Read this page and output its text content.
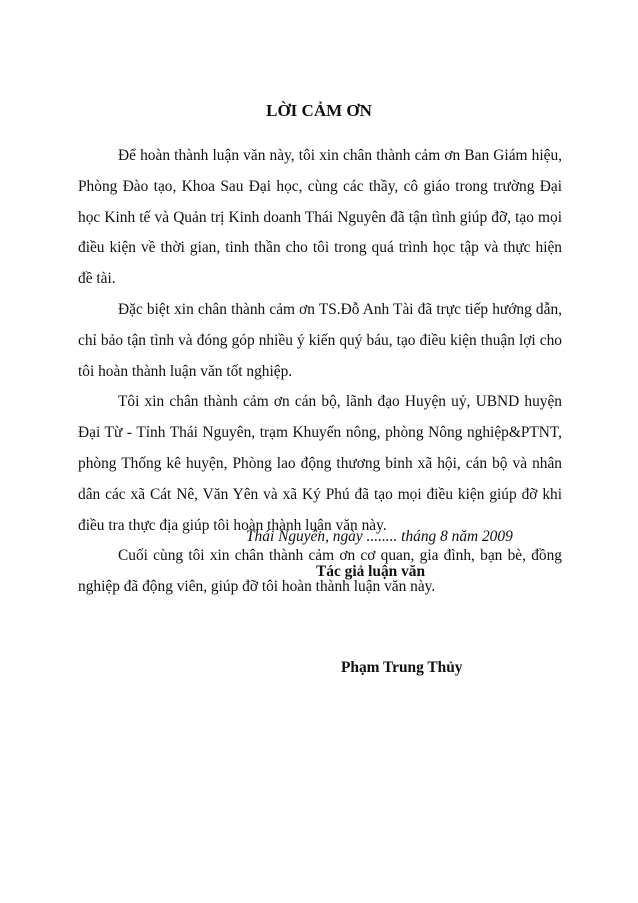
LỜI CẢM ƠN

Để hoàn thành luận văn này, tôi xin chân thành cảm ơn Ban Giám hiệu, Phòng Đào tạo, Khoa Sau Đại học, cùng các thầy, cô giáo trong trường Đại học Kinh tế và Quản trị Kinh doanh Thái Nguyên đã tận tình giúp đỡ, tạo mọi điều kiện về thời gian, tinh thần cho tôi trong quá trình học tập và thực hiện đề tài.

Đặc biệt xin chân thành cảm ơn TS.Đỗ Anh Tài đã trực tiếp hướng dẫn, chỉ bảo tận tình và đóng góp nhiều ý kiến quý báu, tạo điều kiện thuận lợi cho tôi hoàn thành luận văn tốt nghiệp.

Tôi xin chân thành cảm ơn cán bộ, lãnh đạo Huyện uỷ, UBND huyện Đại Từ - Tỉnh Thái Nguyên, trạm Khuyến nông, phòng Nông nghiệp&PTNT, phòng Thống kê huyện, Phòng lao động thương binh xã hội, cán bộ và nhân dân các xã Cát Nê, Văn Yên và xã Ký Phú đã tạo mọi điều kiện giúp đỡ khi điều tra thực địa giúp tôi hoàn thành luận văn này.

Cuối cùng tôi xin chân thành cảm ơn cơ quan, gia đình, bạn bè, đồng nghiệp đã động viên, giúp đỡ tôi hoàn thành luận văn này.

Thái Nguyên, ngày ........ tháng 8 năm 2009
Tác giả luận văn
Phạm Trung Thủy
